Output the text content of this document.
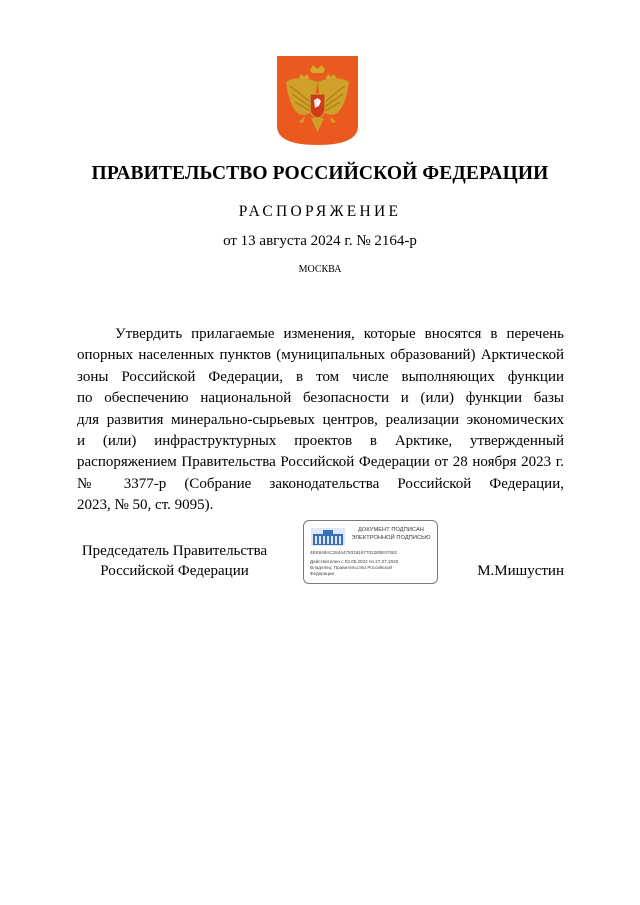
ПРАВИТЕЛЬСТВО РОССИЙСКОЙ ФЕДЕРАЦИИ
РАСПОРЯЖЕНИЕ
от 13 августа 2024 г. № 2164-р
МОСКВА
Утвердить прилагаемые изменения, которые вносятся в перечень
опорных населенных пунктов (муниципальных образований) Арктической
зоны Российской Федерации, в том числе выполняющих функции
по обеспечению национальной безопасности и (или) функции базы
для развития минерально-сырьевых центров, реализации экономических
и (или) инфраструктурных проектов в Арктике, утвержденный
распоряжением Правительства Российской Федерации от 28 ноября 2023 г.
№ 3377-р (Собрание законодательства Российской Федерации,
2023, № 50, ст. 9095).
Председатель Правительства
Российской Федерации
ДОКУМЕНТ ПОДПИСАН
ЭЛЕКТРОННОЙ ПОДПИСЬЮ
4EK848AC2844479319187701280E07062
Действителен с 03.05.2024 по 27.07.2025
Владелец: Правительство Российской
Федерации	М.Мишустин
